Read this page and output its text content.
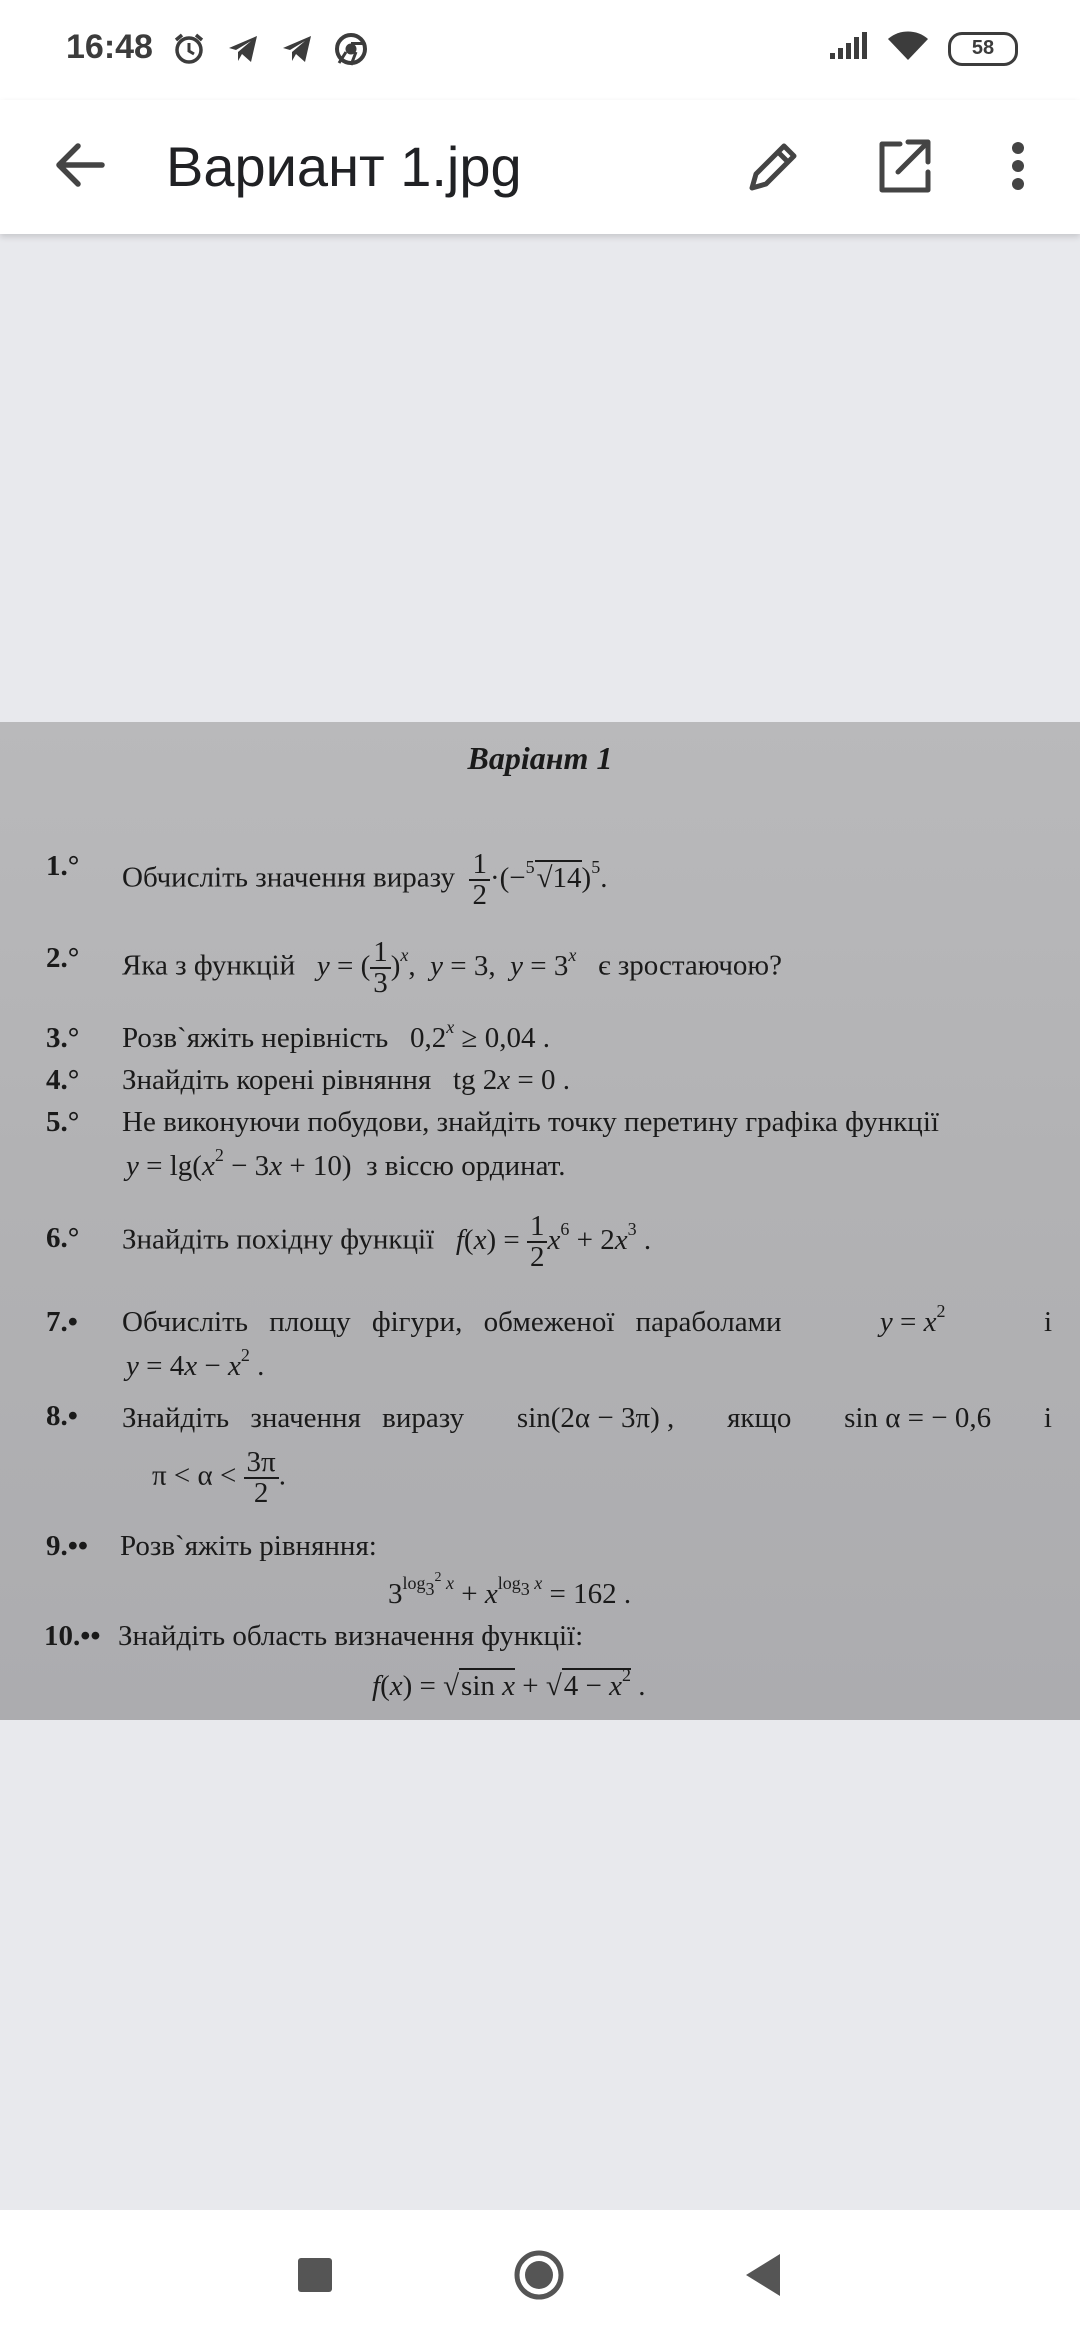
16:48	58
Вариант 1.jpg
Варіант 1
1.° Обчисліть значення виразу $\frac{1}{2} \cdot(-^5√14)^5$.
2.° Яка з функцій y = ( $\frac{1}{3} )^x$,  y = 3,  $y = 3^x$ є зростаючою?
3.° Розв`яжіть нерівність   $0,2^x \ge 0,04$ .
4.° Знайдіть корені рівняння   tg 2x = 0 .
5.° Не виконуючи побудови, знайдіть точку перетину графіка функції
$y = \lg(x^2 - 3x + 10)$  з віссю ординат.
6.° Знайдіть похідну функції $f(x) = \frac{1}{2} x^6 + 2x^3$ .
7.• Обчисліть площу фігури, обмеженої параболами	$y = x^2$	і
$y = 4x - x^2$ .
8.• Знайдіть значення виразу sin(2α − 3π) , якщо sin α = − 0,6 і
$\pi < \alpha < \frac{3\pi}{2}$ .
9.•• Розв`яжіть рівняння:
$3^{log_3^2 x} + x^{log_3 x} = 162$ .
10.•• Знайдіть область визначення функції:
f(x) = √sin $x + √4 - x^2$ .
